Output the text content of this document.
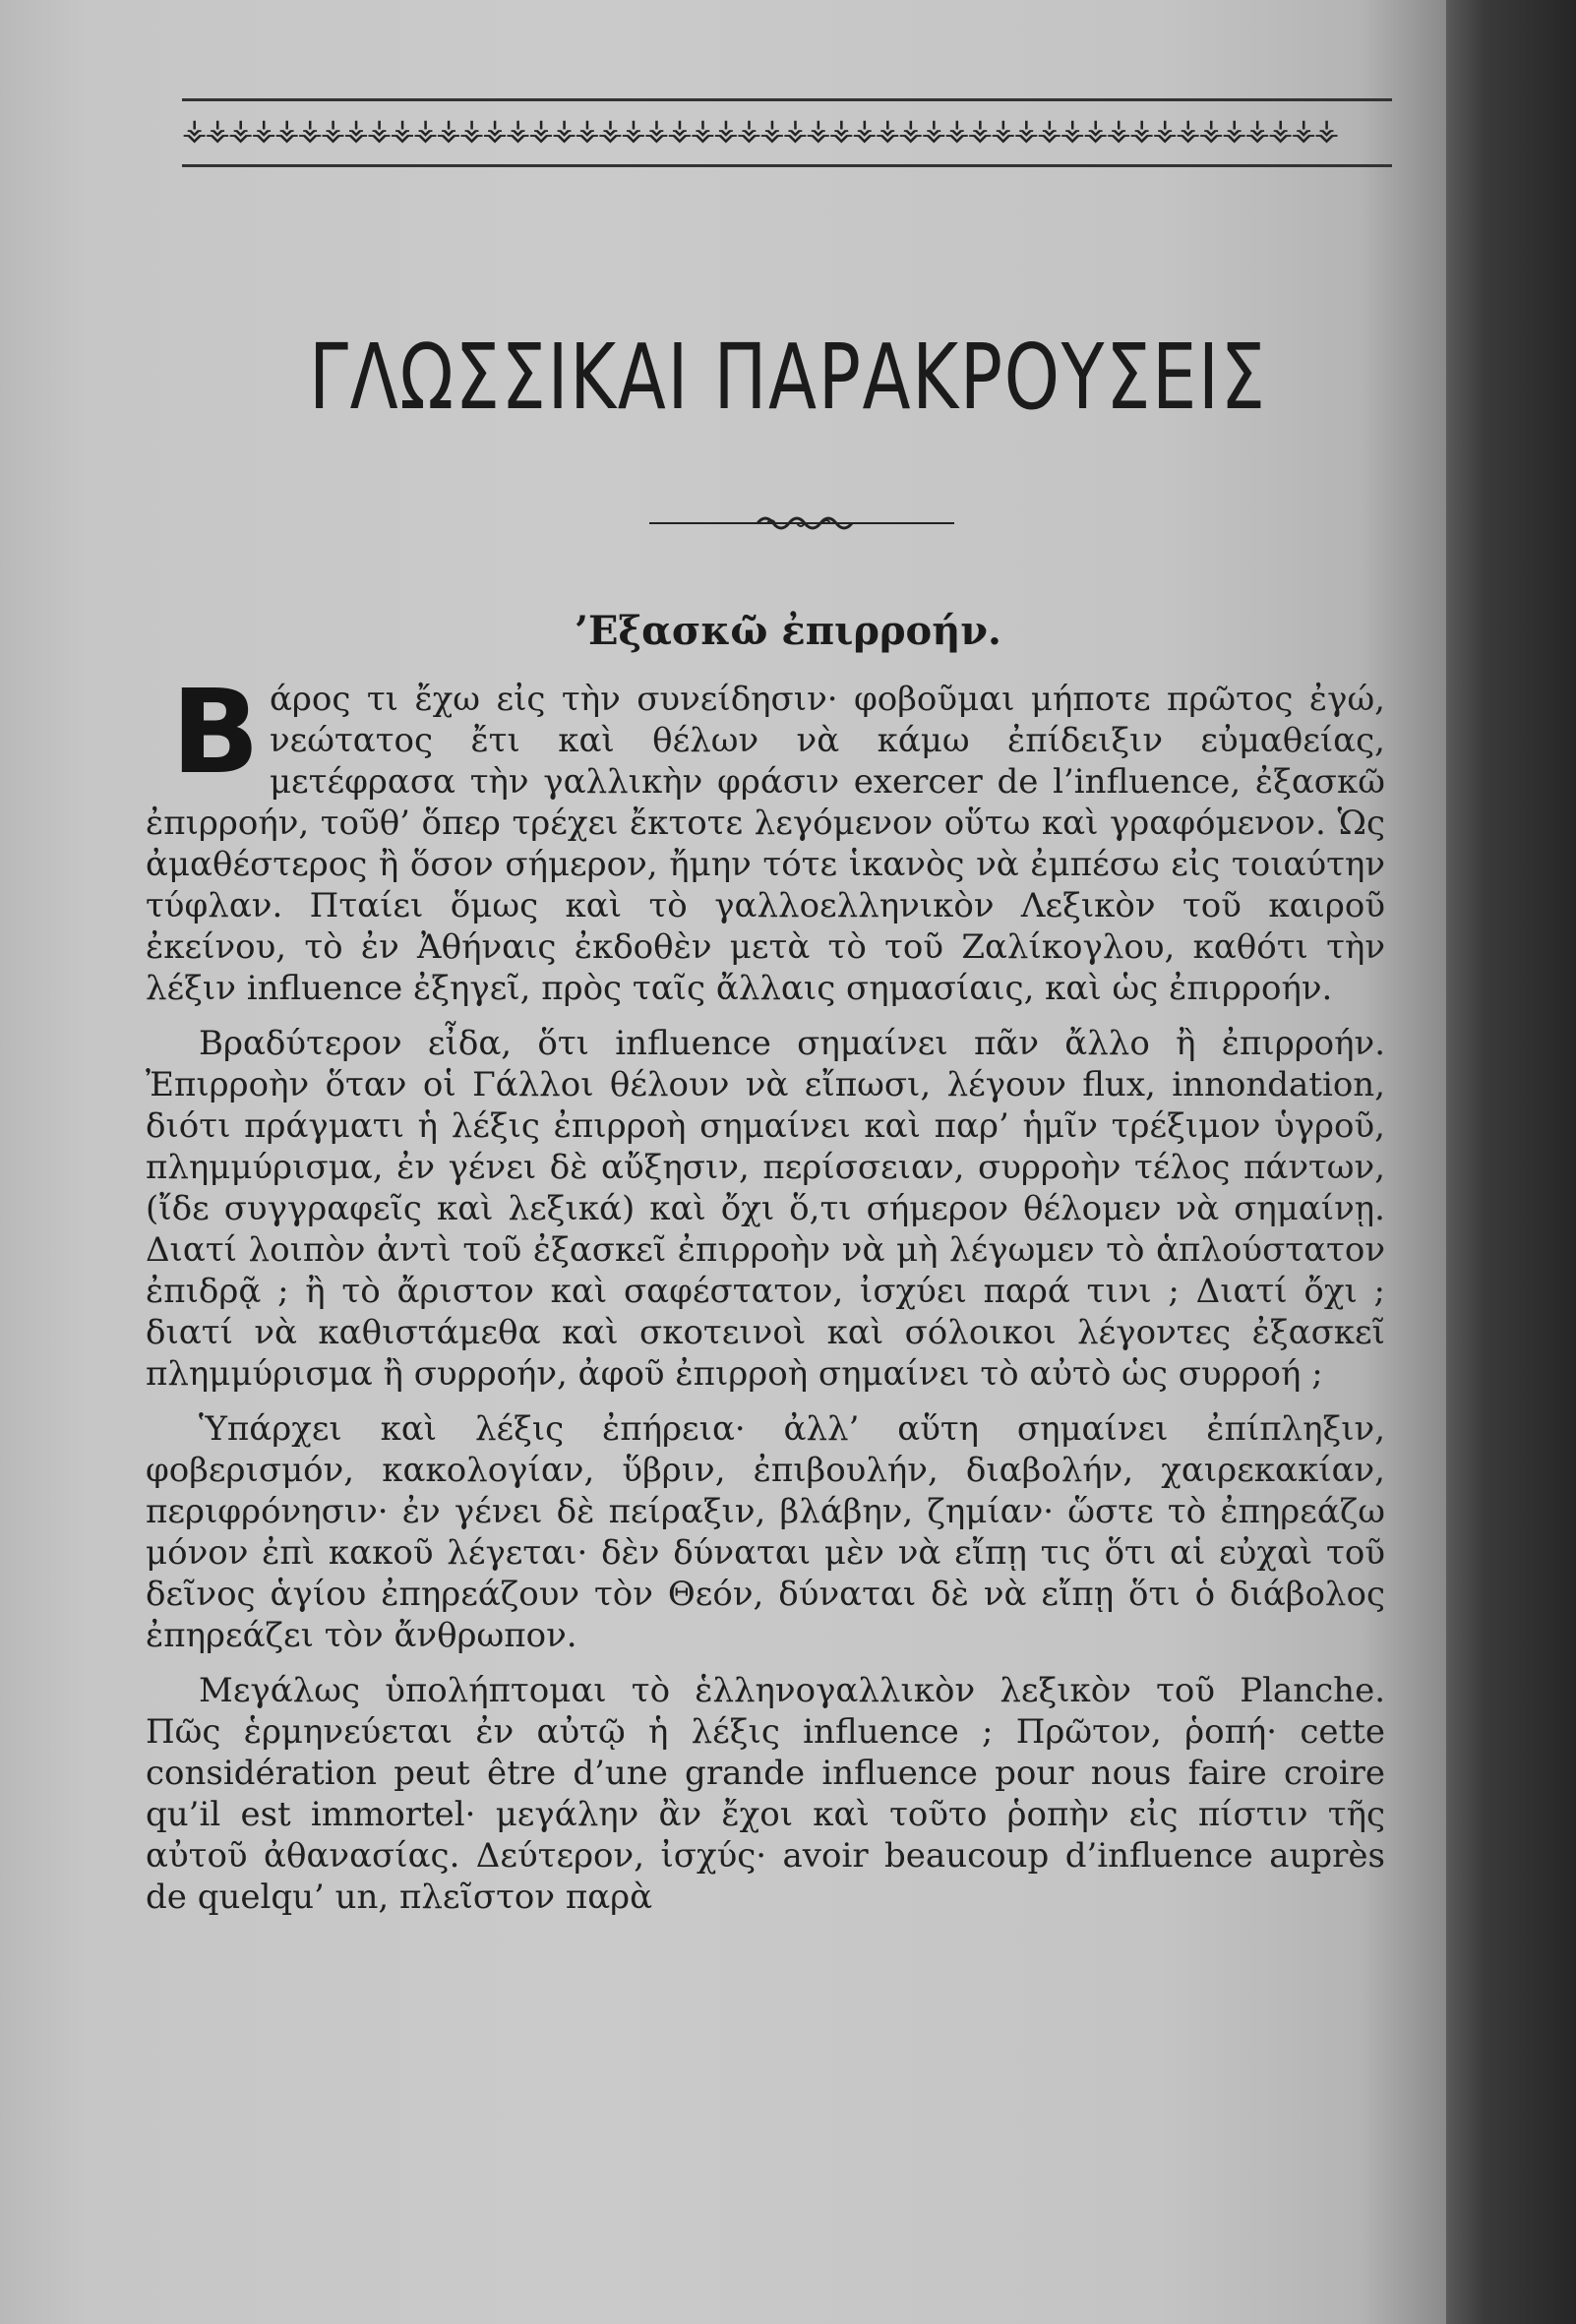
⚶⚶⚶⚶⚶⚶⚶⚶⚶⚶⚶⚶⚶⚶⚶⚶⚶⚶⚶⚶⚶⚶⚶⚶⚶⚶⚶⚶⚶⚶⚶⚶⚶⚶⚶⚶⚶⚶⚶⚶⚶⚶⚶⚶⚶⚶⚶⚶⚶⚶
ΓΛΩΣΣΙΚΑΙ ΠΑΡΑΚΡΟΥΣΕΙΣ
’Εξασκῶ ἐπιρροήν.

Βάρος τι ἔχω εἰς τὴν συνείδησιν· φοβοῦμαι μήποτε πρῶτος ἐγώ, νεώτατος ἔτι καὶ θέλων νὰ κάμω ἐπίδειξιν εὐμαθείας, μετέφρασα τὴν γαλλικὴν φράσιν exercer de l’influence, ἐξασκῶ ἐπιρροήν, τοῦθ’ ὅπερ τρέχει ἔκτοτε λεγόμενον οὕτω καὶ γραφόμενον. Ὡς ἀμαθέστερος ἢ ὅσον σήμερον, ἤμην τότε ἱκανὸς νὰ ἐμπέσω εἰς τοιαύτην τύφλαν. Πταίει ὅμως καὶ τὸ γαλλοελληνικὸν Λεξικὸν τοῦ καιροῦ ἐκείνου, τὸ ἐν Ἀθήναις ἐκδοθὲν μετὰ τὸ τοῦ Ζαλίκογλου, καθότι τὴν λέξιν influence ἐξηγεῖ, πρὸς ταῖς ἄλλαις σημασίαις, καὶ ὡς ἐπιρροήν.

Βραδύτερον εἶδα, ὅτι influence σημαίνει πᾶν ἄλλο ἢ ἐπιρροήν. Ἐπιρροὴν ὅταν οἱ Γάλλοι θέλουν νὰ εἴπωσι, λέγουν flux, innondation, διότι πράγματι ἡ λέξις ἐπιρροὴ σημαίνει καὶ παρ’ ἡμῖν τρέξιμον ὑγροῦ, πλημμύρισμα, ἐν γένει δὲ αὔξησιν, περίσσειαν, συρροὴν τέλος πάντων, (ἴδε συγγραφεῖς καὶ λεξικά) καὶ ὄχι ὅ,τι σήμερον θέλομεν νὰ σημαίνῃ. Διατί λοιπὸν ἀντὶ τοῦ ἐξασκεῖ ἐπιρροὴν νὰ μὴ λέγωμεν τὸ ἁπλούστατον ἐπιδρᾷ ; ἢ τὸ ἄριστον καὶ σαφέστατον, ἰσχύει παρά τινι ; Διατί ὄχι ; διατί νὰ καθιστάμεθα καὶ σκοτεινοὶ καὶ σόλοικοι λέγοντες ἐξασκεῖ πλημμύρισμα ἢ συρροήν, ἀφοῦ ἐπιρροὴ σημαίνει τὸ αὐτὸ ὡς συρροή ;

Ὑπάρχει καὶ λέξις ἐπήρεια· ἀλλ’ αὕτη σημαίνει ἐπίπληξιν, φοβερισμόν, κακολογίαν, ὕβριν, ἐπιβουλήν, διαβολήν, χαιρεκακίαν, περιφρόνησιν· ἐν γένει δὲ πείραξιν, βλάβην, ζημίαν· ὥστε τὸ ἐπηρεάζω μόνον ἐπὶ κακοῦ λέγεται· δὲν δύναται μὲν νὰ εἴπῃ τις ὅτι αἱ εὐχαὶ τοῦ δεῖνος ἁγίου ἐπηρεάζουν τὸν Θεόν, δύναται δὲ νὰ εἴπῃ ὅτι ὁ διάβολος ἐπηρεάζει τὸν ἄνθρωπον.

Μεγάλως ὑπολήπτομαι τὸ ἑλληνογαλλικὸν λεξικὸν τοῦ Planche. Πῶς ἑρμηνεύεται ἐν αὐτῷ ἡ λέξις influence ; Πρῶτον, ῥοπή· cette considération peut être d’une grande influence pour nous faire croire qu’il est immortel· μεγάλην ἂν ἔχοι καὶ τοῦτο ῥοπὴν εἰς πίστιν τῆς αὐτοῦ ἀθανασίας. Δεύτερον, ἰσχύς· avoir beaucoup d’influence auprès de quelqu’ un, πλεῖστον παρὰ
